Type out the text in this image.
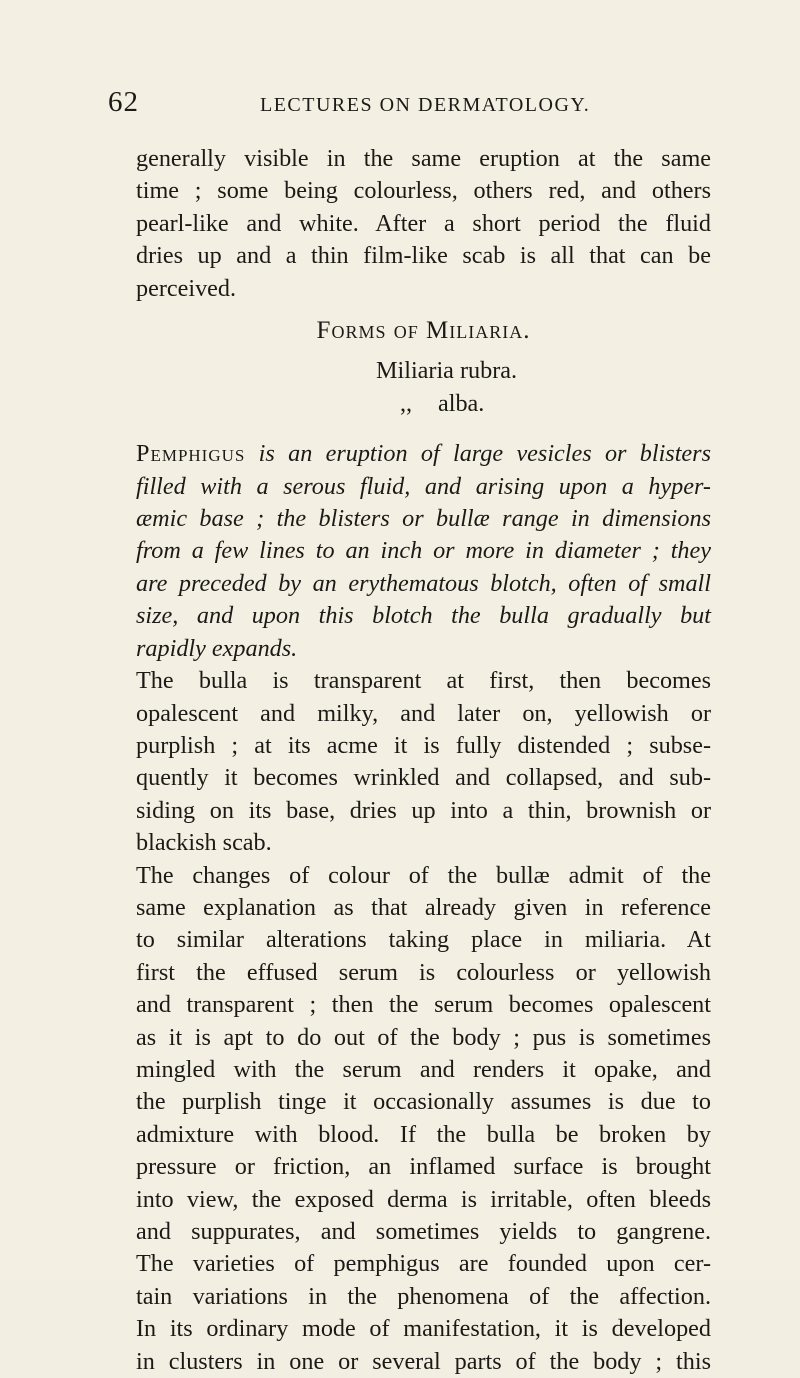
62	LECTURES ON DERMATOLOGY.
generally visible in the same eruption at the same
time ; some being colourless, others red, and others
pearl-like and white. After a short period the fluid
dries up and a thin film-like scab is all that can be
perceived.
Forms of Miliaria.
Miliaria rubra.
,, alba.
Pemphigus is an eruption of large vesicles or blisters
filled with a serous fluid, and arising upon a hyper-
æmic base ; the blisters or bullæ range in dimensions
from a few lines to an inch or more in diameter ; they
are preceded by an erythematous blotch, often of small
size, and upon this blotch the bulla gradually but
rapidly expands.
The bulla is transparent at first, then becomes
opalescent and milky, and later on, yellowish or
purplish ; at its acme it is fully distended ; subse-
quently it becomes wrinkled and collapsed, and sub-
siding on its base, dries up into a thin, brownish or
blackish scab.
The changes of colour of the bullæ admit of the
same explanation as that already given in reference
to similar alterations taking place in miliaria. At
first the effused serum is colourless or yellowish
and transparent ; then the serum becomes opalescent
as it is apt to do out of the body ; pus is sometimes
mingled with the serum and renders it opake, and
the purplish tinge it occasionally assumes is due to
admixture with blood. If the bulla be broken by
pressure or friction, an inflamed surface is brought
into view, the exposed derma is irritable, often bleeds
and suppurates, and sometimes yields to gangrene.
The varieties of pemphigus are founded upon cer-
tain variations in the phenomena of the affection.
In its ordinary mode of manifestation, it is developed
in clusters in one or several parts of the body ; this
